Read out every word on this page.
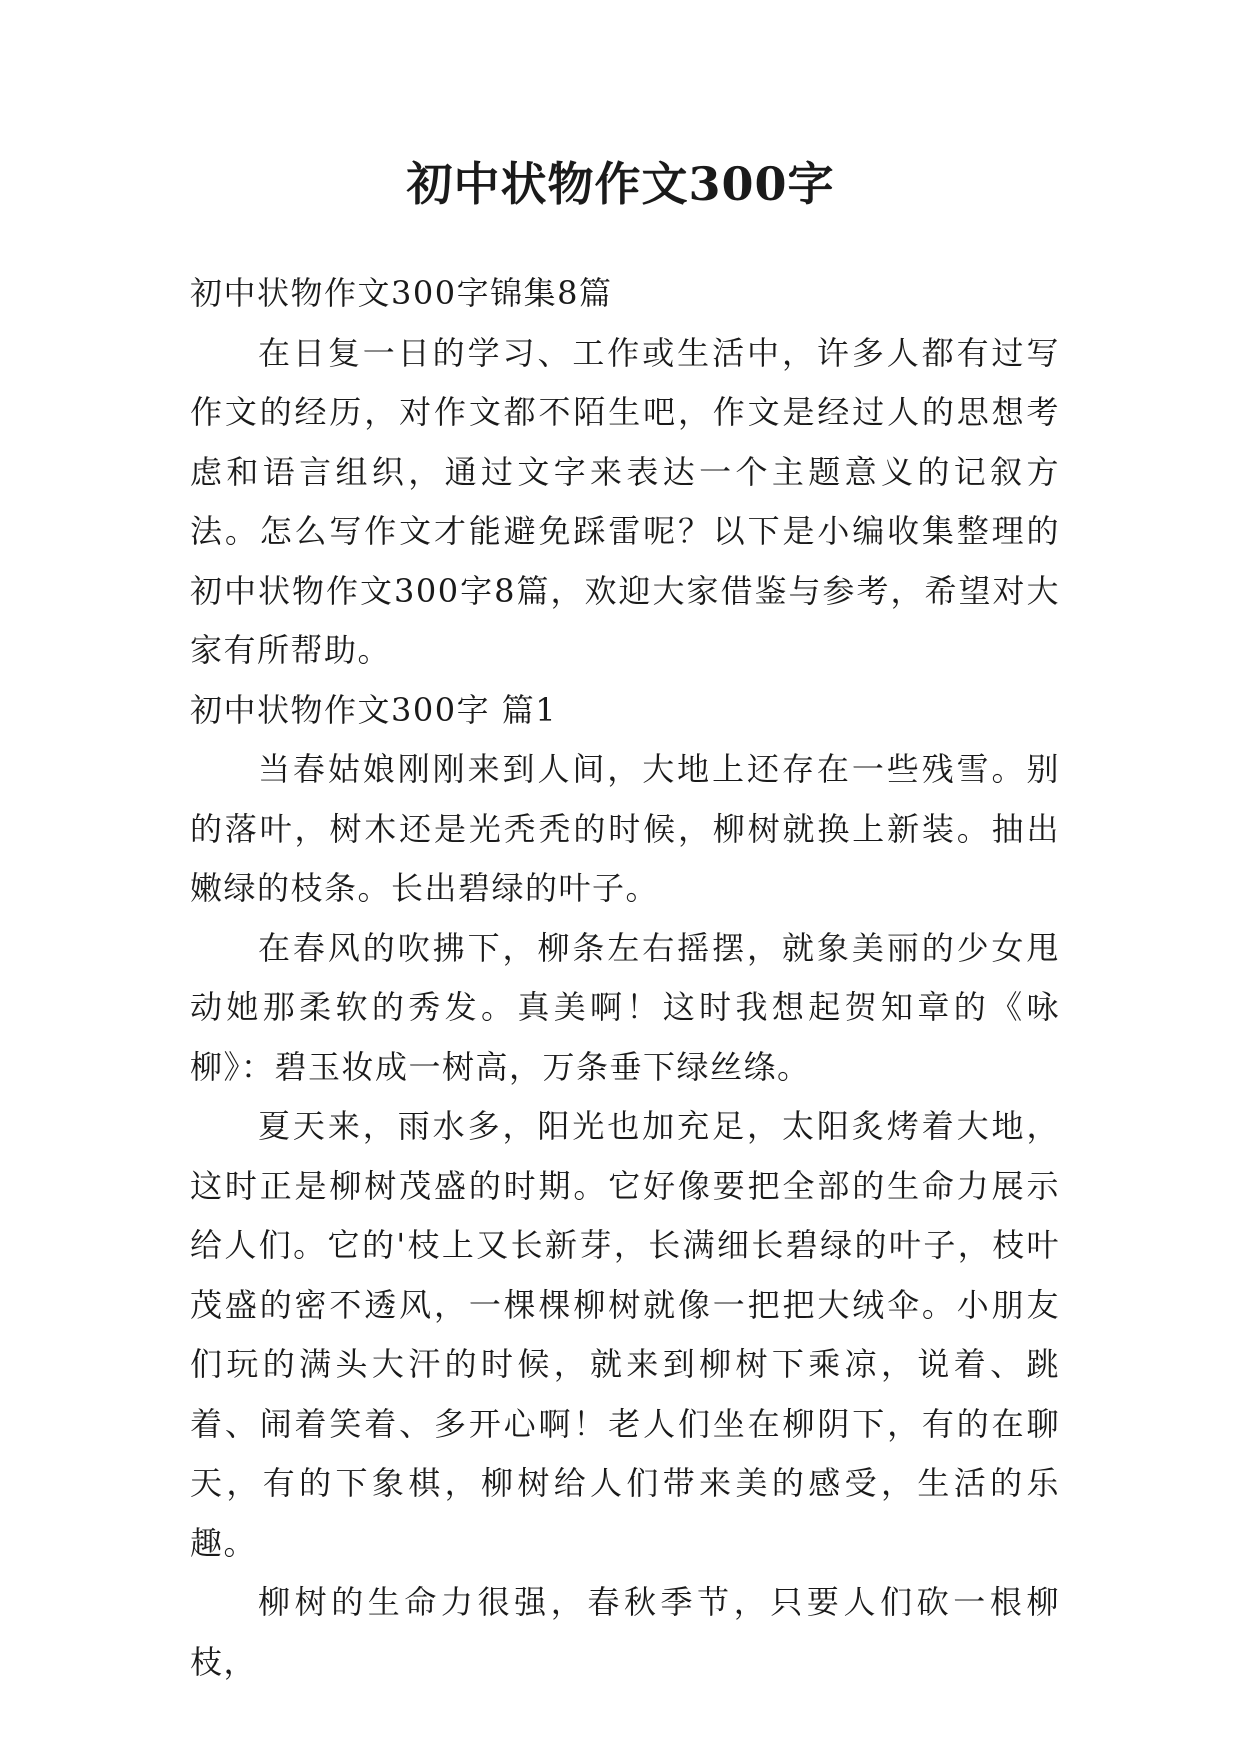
初中状物作文300字

初中状物作文300字锦集8篇

在日复一日的学习、工作或生活中，许多人都有过写作文的经历，对作文都不陌生吧，作文是经过人的思想考虑和语言组织，通过文字来表达一个主题意义的记叙方法。怎么写作文才能避免踩雷呢？以下是小编收集整理的初中状物作文300字8篇，欢迎大家借鉴与参考，希望对大家有所帮助。

初中状物作文300字 篇1

当春姑娘刚刚来到人间，大地上还存在一些残雪。别的落叶，树木还是光秃秃的时候，柳树就换上新装。抽出嫩绿的枝条。长出碧绿的叶子。

在春风的吹拂下，柳条左右摇摆，就象美丽的少女甩动她那柔软的秀发。真美啊！这时我想起贺知章的《咏柳》：碧玉妆成一树高，万条垂下绿丝绦。

夏天来，雨水多，阳光也加充足，太阳炙烤着大地，这时正是柳树茂盛的时期。它好像要把全部的生命力展示给人们。它的'枝上又长新芽，长满细长碧绿的叶子，枝叶茂盛的密不透风，一棵棵柳树就像一把把大绒伞。小朋友们玩的满头大汗的时候，就来到柳树下乘凉，说着、跳着、闹着笑着、多开心啊！老人们坐在柳阴下，有的在聊天，有的下象棋，柳树给人们带来美的感受，生活的乐趣。

柳树的生命力很强，春秋季节，只要人们砍一根柳枝，
